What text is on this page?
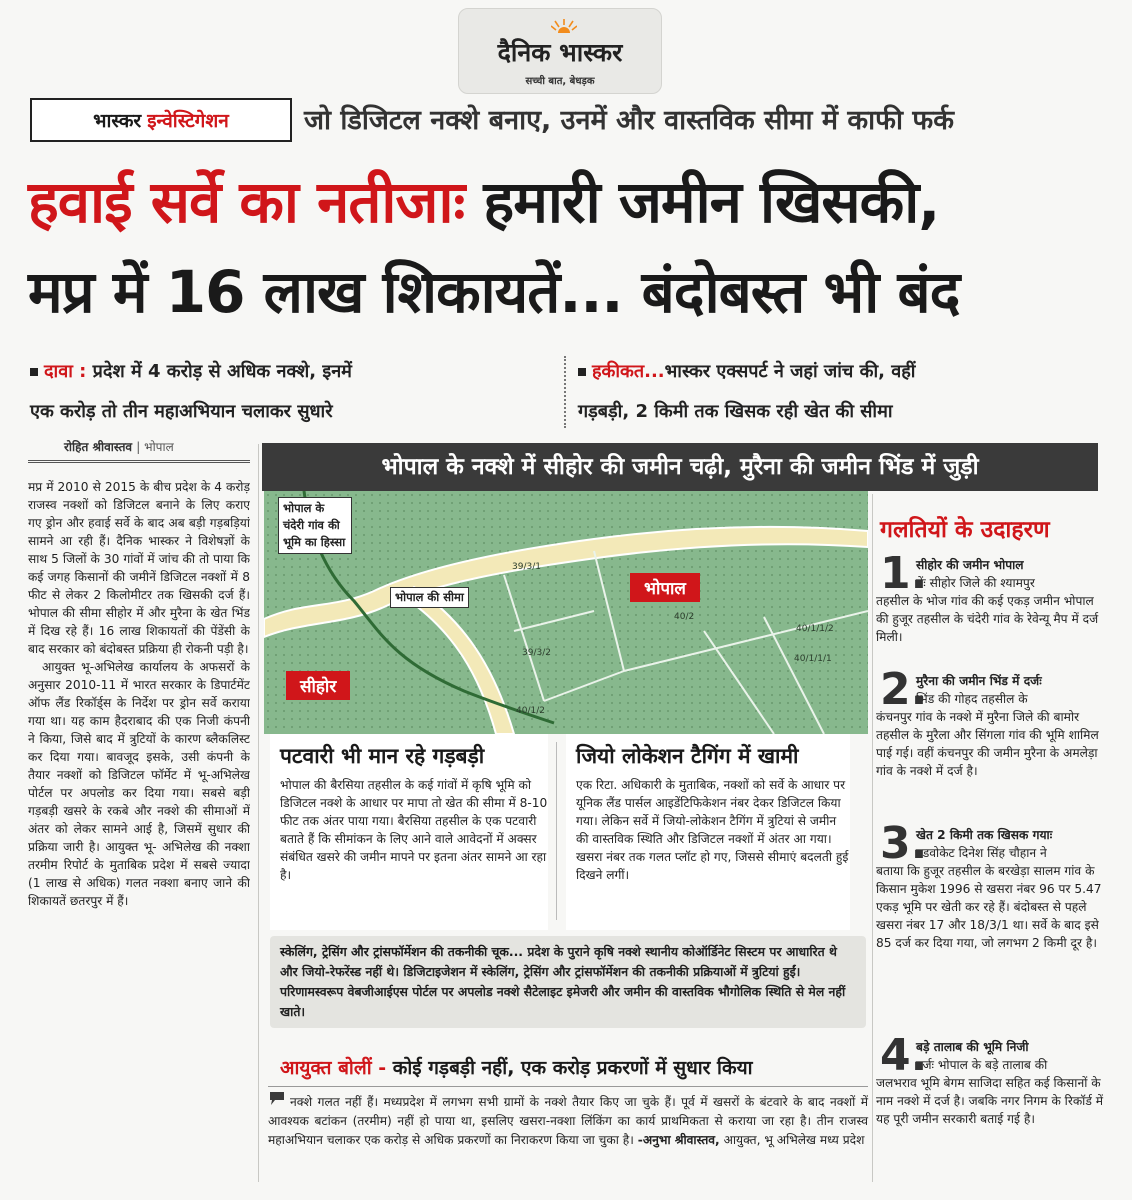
दैनिक भास्कर
सच्ची बात, बेधड़क
भास्कर इन्वेस्टिगेशन	जो डिजिटल नक्शे बनाए, उनमें और वास्तविक सीमा में काफी फर्क
हवाई सर्वे का नतीजाः हमारी जमीन खिसकी,
मप्र में 16 लाख शिकायतें... बंदोबस्त भी बंद
दावा : प्रदेश में 4 करोड़ से अधिक नक्शे, इनमें
एक करोड़ तो तीन महाअभियान चलाकर सुधारे
हकीकत...भास्कर एक्सपर्ट ने जहां जांच की, वहीं
गड़बड़ी, 2 किमी तक खिसक रही खेत की सीमा
रोहित श्रीवास्तव | भोपाल

मप्र में 2010 से 2015 के बीच प्रदेश के 4 करोड़ राजस्व नक्शों को डिजिटल बनाने के लिए कराए गए ड्रोन और हवाई सर्वे के बाद अब बड़ी गड़बड़ियां सामने आ रही हैं। दैनिक भास्कर ने विशेषज्ञों के साथ 5 जिलों के 30 गांवों में जांच की तो पाया कि कई जगह किसानों की जमीनें डिजिटल नक्शों में 8 फीट से लेकर 2 किलोमीटर तक खिसकी दर्ज हैं। भोपाल की सीमा सीहोर में और मुरैना के खेत भिंड में दिख रहे हैं। 16 लाख शिकायतों की पेंडेंसी के बाद सरकार को बंदोबस्त प्रक्रिया ही रोकनी पड़ी है।

आयुक्त भू-अभिलेख कार्यालय के अफसरों के अनुसार 2010-11 में भारत सरकार के डिपार्टमेंट ऑफ लैंड रिकॉर्ड्स के निर्देश पर ड्रोन सर्वे कराया गया था। यह काम हैदराबाद की एक निजी कंपनी ने किया, जिसे बाद में त्रुटियों के कारण ब्लैकलिस्ट कर दिया गया। बावजूद इसके, उसी कंपनी के तैयार नक्शों को डिजिटल फॉर्मेट में भू-अभिलेख पोर्टल पर अपलोड कर दिया गया। सबसे बड़ी गड़बड़ी खसरे के रकबे और नक्शे की सीमाओं में अंतर को लेकर सामने आई है, जिसमें सुधार की प्रक्रिया जारी है। आयुक्त भू- अभिलेख की नक्शा तरमीम रिपोर्ट के मुताबिक प्रदेश में सबसे ज्यादा (1 लाख से अधिक) गलत नक्शा बनाए जाने की शिकायतें छतरपुर में हैं।

भोपाल के नक्शे में सीहोर की जमीन चढ़ी, मुरैना की जमीन भिंड में जुड़ी
39/3/1
40/2
39/3/2
40/1/1/2
40/1/1/1
40/1/2
भोपाल के चंदेरी गांव की भूमि का हिस्सा
भोपाल की सीमा	भोपाल
सीहोर
गलतियों के उदाहरण
1.
सीहोर की जमीन भोपाल
मेंः सीहोर जिले की श्यामपुर
तहसील के भोज गांव की कई एकड़ जमीन भोपाल की हुजूर तहसील के चंदेरी गांव के रेवेन्यू मैप में दर्ज मिली।
2.
मुरैना की जमीन भिंड में दर्जः
भिंड की गोहद तहसील के
कंचनपुर गांव के नक्शे में मुरैना जिले की बामोर तहसील के मुरैला और सिंगला गांव की भूमि शामिल पाई गई। वहीं कंचनपुर की जमीन मुरैना के अमलेड़ा गांव के नक्शे में दर्ज है।
3.
खेत 2 किमी तक खिसक गयाः
एडवोकेट दिनेश सिंह चौहान ने
बताया कि हुजूर तहसील के बरखेड़ा सालम गांव के किसान मुकेश 1996 से खसरा नंबर 96 पर 5.47 एकड़ भूमि पर खेती कर रहे हैं। बंदोबस्त से पहले खसरा नंबर 17 और 18/3/1 था। सर्वे के बाद इसे 85 दर्ज कर दिया गया, जो लगभग 2 किमी दूर है।
4.
बड़े तालाब की भूमि निजी
दर्जः भोपाल के बड़े तालाब की
जलभराव भूमि बेगम साजिदा सहित कई किसानों के नाम नक्शे में दर्ज है। जबकि नगर निगम के रिकॉर्ड में यह पूरी जमीन सरकारी बताई गई है।
पटवारी भी मान रहे गड़बड़ी
भोपाल की बैरसिया तहसील के कई गांवों में कृषि भूमि को डिजिटल नक्शे के आधार पर मापा तो खेत की सीमा में 8-10 फीट तक अंतर पाया गया। बैरसिया तहसील के एक पटवारी बताते हैं कि सीमांकन के लिए आने वाले आवेदनों में अक्सर संबंधित खसरे की जमीन मापने पर इतना अंतर सामने आ रहा है।
जियो लोकेशन टैगिंग में खामी
एक रिटा. अधिकारी के मुताबिक, नक्शों को सर्वे के आधार पर यूनिक लैंड पार्सल आइडेंटिफिकेशन नंबर देकर डिजिटल किया गया। लेकिन सर्वे में जियो-लोकेशन टैगिंग में त्रुटियां से जमीन की वास्तविक स्थिति और डिजिटल नक्शों में अंतर आ गया। खसरा नंबर तक गलत प्लॉट हो गए, जिससे सीमाएं बदलती हुई दिखने लगीं।
स्केलिंग, ट्रेसिंग और ट्रांसफॉर्मेशन की तकनीकी चूक... प्रदेश के पुराने कृषि नक्शे स्थानीय कोऑर्डिनेट सिस्टम पर आधारित थे और जियो-रेफरेंस्ड नहीं थे। डिजिटाइजेशन में स्केलिंग, ट्रेसिंग और ट्रांसफॉर्मेशन की तकनीकी प्रक्रियाओं में त्रुटियां हुईं। परिणामस्वरूप वेबजीआईएस पोर्टल पर अपलोड नक्शे सैटेलाइट इमेजरी और जमीन की वास्तविक भौगोलिक स्थिति से मेल नहीं खाते।
आयुक्त बोलीं - कोई गड़बड़ी नहीं, एक करोड़ प्रकरणों में सुधार किया
नक्शे गलत नहीं हैं। मध्यप्रदेश में लगभग सभी ग्रामों के नक्शे तैयार किए जा चुके हैं। पूर्व में खसरों के बंटवारे के बाद नक्शों में आवश्यक बटांकन (तरमीम) नहीं हो पाया था, इसलिए खसरा-नक्शा लिंकिंग का कार्य प्राथमिकता से कराया जा रहा है। तीन राजस्व महाअभियान चलाकर एक करोड़ से अधिक प्रकरणों का निराकरण किया जा चुका है। -अनुभा श्रीवास्तव, आयुक्त, भू अभिलेख मध्य प्रदेश
